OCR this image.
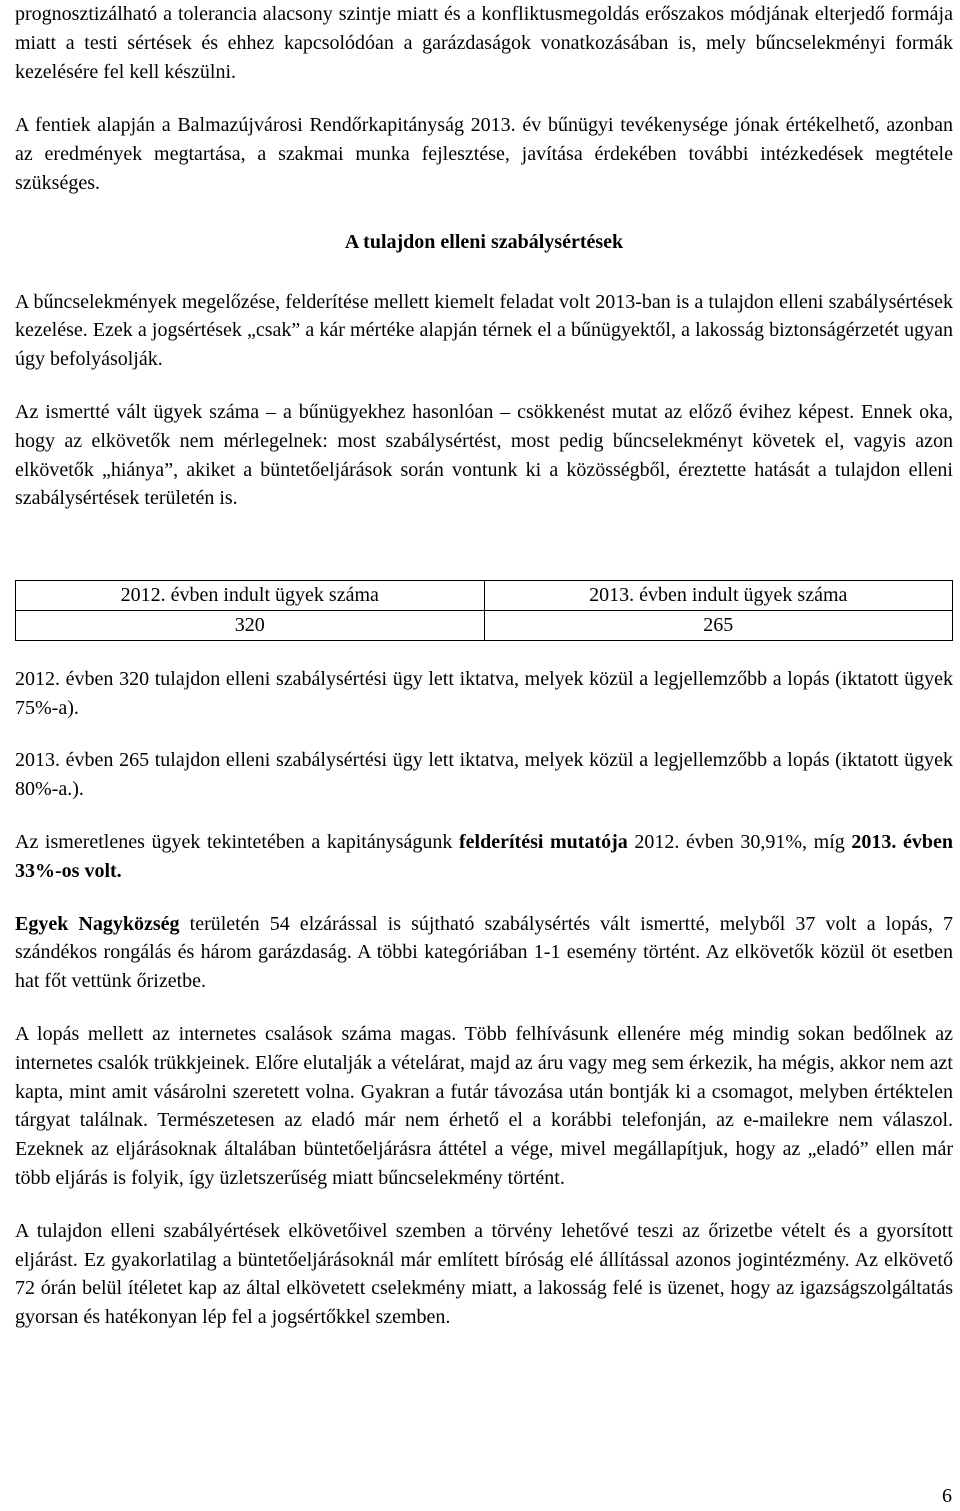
prognosztizálható a tolerancia alacsony szintje miatt és a konfliktusmegoldás erőszakos módjának elterjedő formája miatt a testi sértések és ehhez kapcsolódóan a garázdaságok vonatkozásában is, mely bűncselekményi formák kezelésére fel kell készülni.

A fentiek alapján a Balmazújvárosi Rendőrkapitányság 2013. év bűnügyi tevékenysége jónak értékelhető, azonban az eredmények megtartása, a szakmai munka fejlesztése, javítása érdekében további intézkedések megtétele szükséges.

A tulajdon elleni szabálysértések

A bűncselekmények megelőzése, felderítése mellett kiemelt feladat volt 2013-ban is a tulajdon elleni szabálysértések kezelése. Ezek a jogsértések „csak” a kár mértéke alapján térnek el a bűnügyektől, a lakosság biztonságérzetét ugyan úgy befolyásolják.

Az ismertté vált ügyek száma – a bűnügyekhez hasonlóan – csökkenést mutat az előző évihez képest. Ennek oka, hogy az elkövetők nem mérlegelnek: most szabálysértést, most pedig bűncselekményt követek el, vagyis azon elkövetők „hiánya”, akiket a büntetőeljárások során vontunk ki a közösségből, éreztette hatását a tulajdon elleni szabálysértések területén is.

2012. évben indult ügyek száma	2013. évben indult ügyek száma
320	265

2012. évben 320 tulajdon elleni szabálysértési ügy lett iktatva, melyek közül a legjellemzőbb a lopás (iktatott ügyek 75%-a).

2013. évben 265 tulajdon elleni szabálysértési ügy lett iktatva, melyek közül a legjellemzőbb a lopás (iktatott ügyek 80%-a.).

Az ismeretlenes ügyek tekintetében a kapitányságunk felderítési mutatója 2012. évben 30,91%, míg 2013. évben 33%-os volt.

Egyek Nagyközség területén 54 elzárással is sújtható szabálysértés vált ismertté, melyből 37 volt a lopás, 7 szándékos rongálás és három garázdaság. A többi kategóriában 1-1 esemény történt. Az elkövetők közül öt esetben hat főt vettünk őrizetbe.

A lopás mellett az internetes csalások száma magas. Több felhívásunk ellenére még mindig sokan bedőlnek az internetes csalók trükkjeinek. Előre elutalják a vételárat, majd az áru vagy meg sem érkezik, ha mégis, akkor nem azt kapta, mint amit vásárolni szeretett volna. Gyakran a futár távozása után bontják ki a csomagot, melyben értéktelen tárgyat találnak. Természetesen az eladó már nem érhető el a korábbi telefonján, az e-mailekre nem válaszol. Ezeknek az eljárásoknak általában büntetőeljárásra áttétel a vége, mivel megállapítjuk, hogy az „eladó” ellen már több eljárás is folyik, így üzletszerűség miatt bűncselekmény történt.

A tulajdon elleni szabályértések elkövetőivel szemben a törvény lehetővé teszi az őrizetbe vételt és a gyorsított eljárást. Ez gyakorlatilag a büntetőeljárásoknál már említett bíróság elé állítással azonos jogintézmény. Az elkövető 72 órán belül ítéletet kap az által elkövetett cselekmény miatt, a lakosság felé is üzenet, hogy az igazságszolgáltatás gyorsan és hatékonyan lép fel a jogsértőkkel szemben.

6
